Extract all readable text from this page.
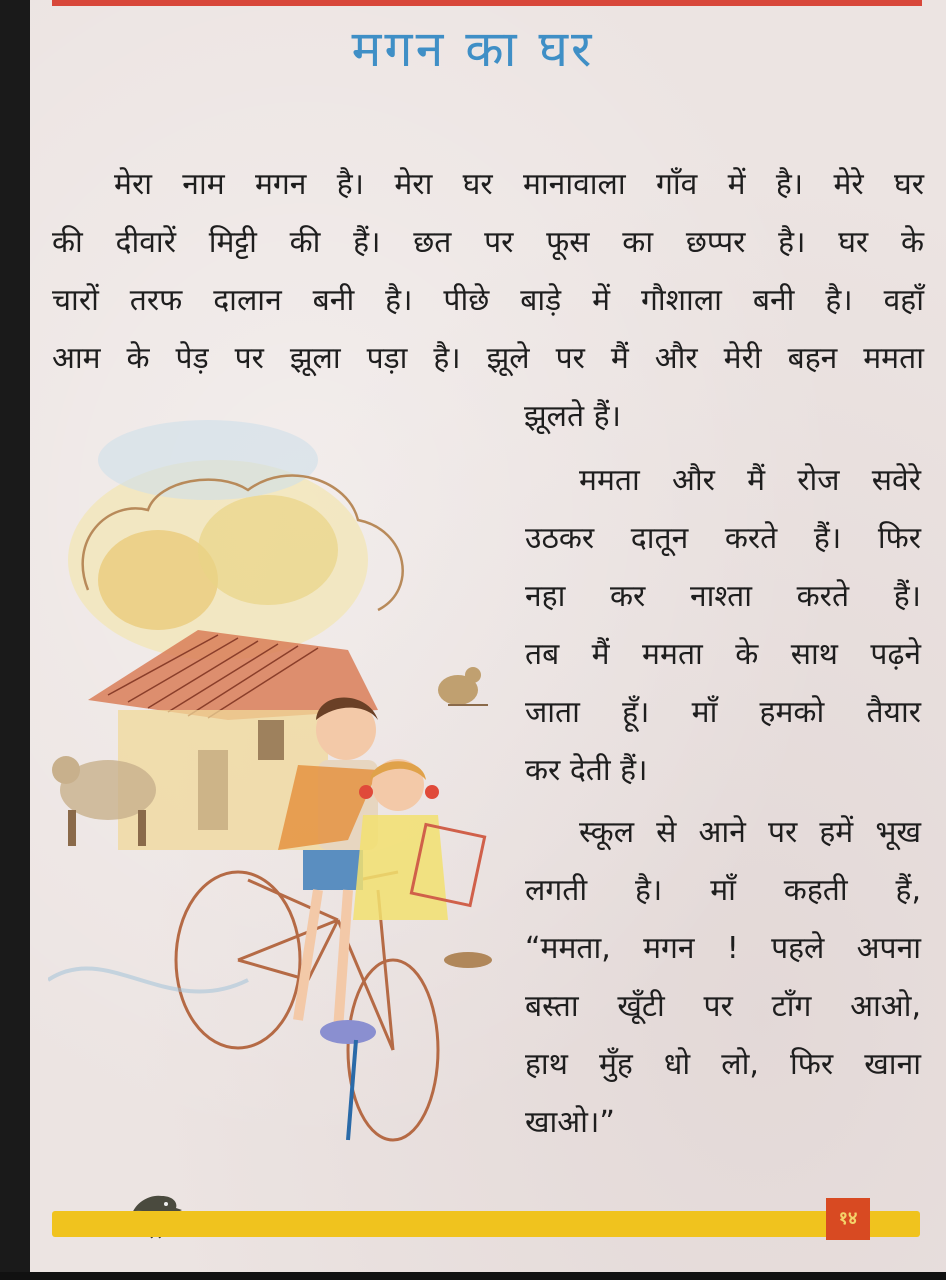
मगन का घर
मेरा नाम मगन है। मेरा घर मानावाला गाँव में है। मेरे घर
की दीवारें मिट्टी की हैं। छत पर फूस का छप्पर है। घर के
चारों तरफ दालान बनी है। पीछे बाड़े में गौशाला बनी है। वहाँ
आम के पेड़ पर झूला पड़ा है। झूले पर मैं और मेरी बहन ममता
झूलते हैं।
ममता और मैं रोज सवेरे
उठकर दातून करते हैं। फिर
नहा कर नाश्ता करते हैं।
तब मैं ममता के साथ पढ़ने
जाता हूँ। माँ हमको तैयार
कर देती हैं।
स्कूल से आने पर हमें भूख
लगती है। माँ कहती हैं,
“ममता, मगन ! पहले अपना
बस्ता खूँटी पर टाँग आओ,
हाथ मुँह धो लो, फिर खाना
खाओ।”
१४
